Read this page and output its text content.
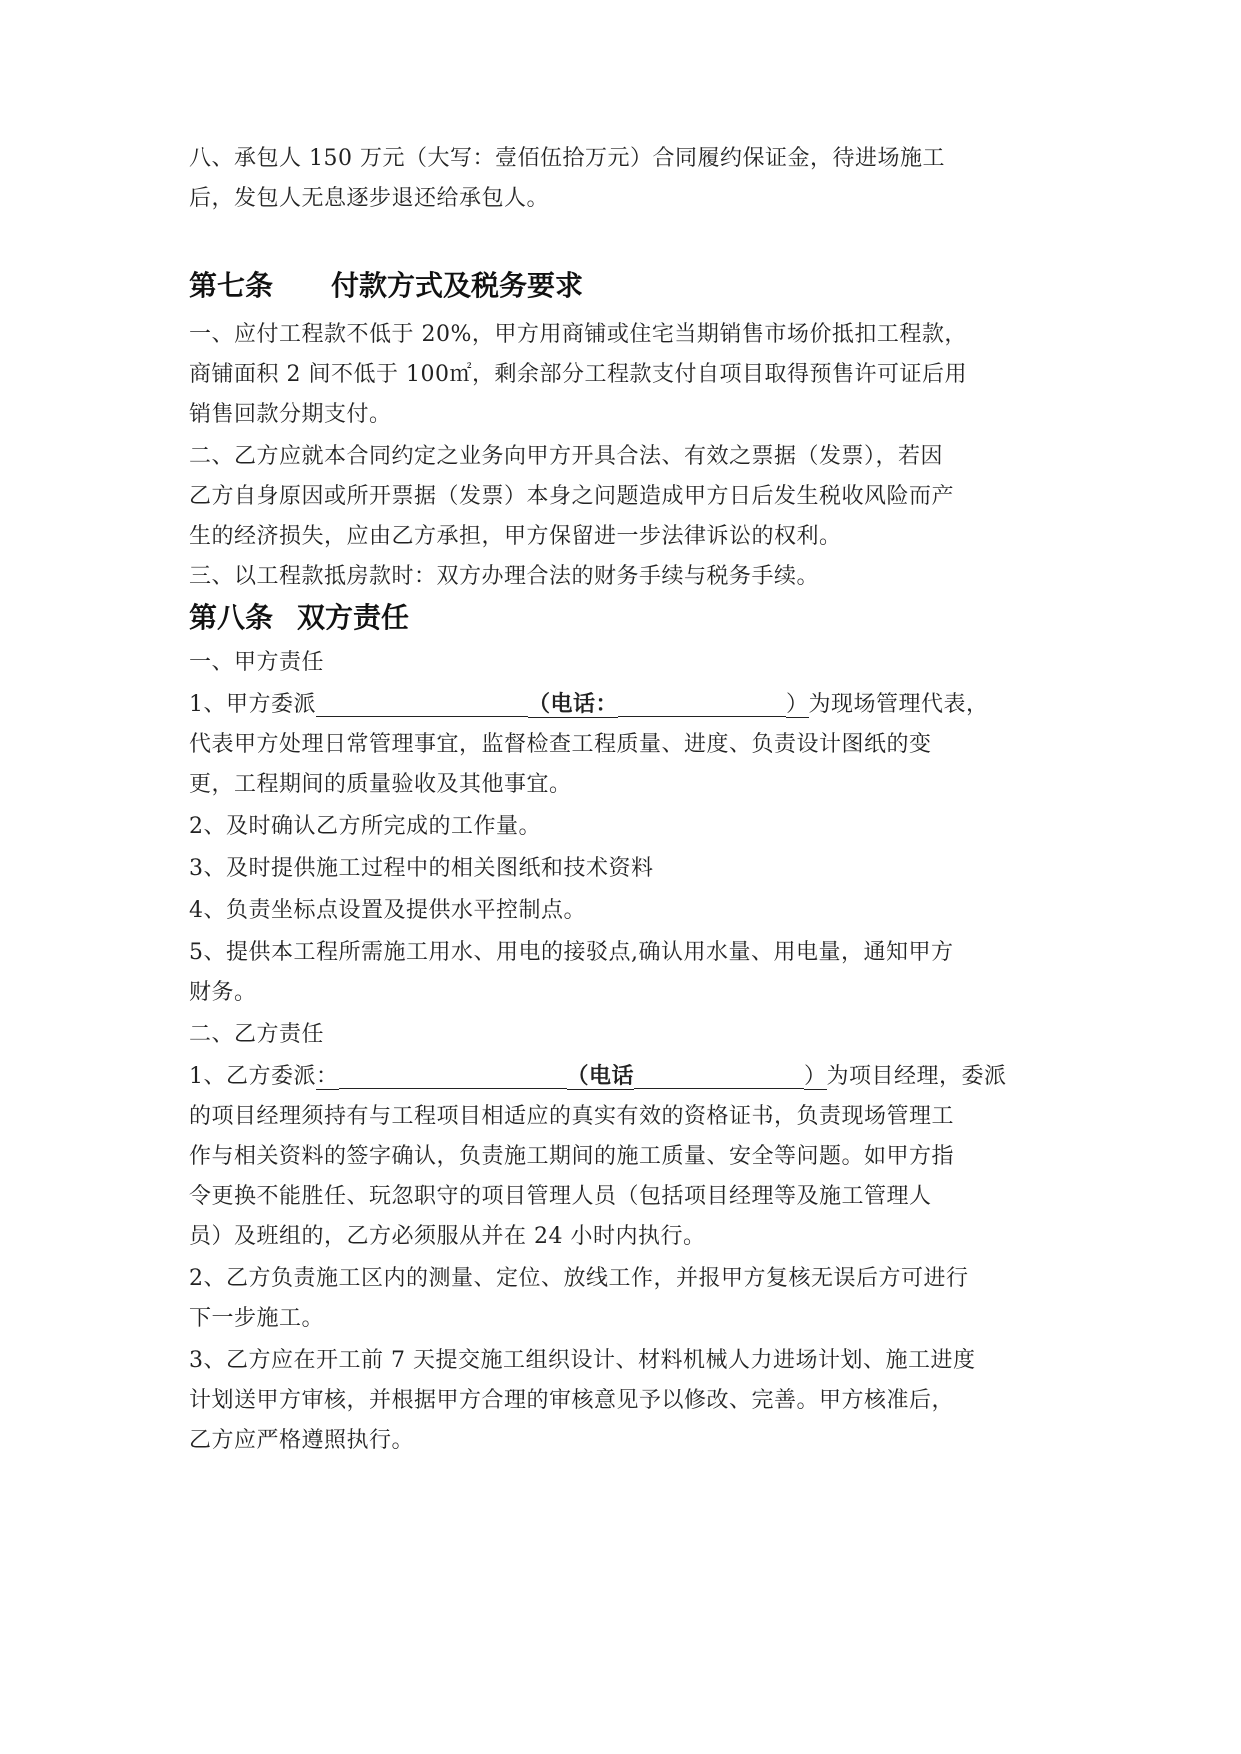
八、承包人 150 万元（大写：壹佰伍拾万元）合同履约保证金，待进场施工
后，发包人无息逐步退还给承包人。
第七条 付款方式及税务要求
一、应付工程款不低于 20%，甲方用商铺或住宅当期销售市场价抵扣工程款，
商铺面积 2 间不低于 100㎡，剩余部分工程款支付自项目取得预售许可证后用
销售回款分期支付。
二、乙方应就本合同约定之业务向甲方开具合法、有效之票据（发票），若因
乙方自身原因或所开票据（发票）本身之问题造成甲方日后发生税收风险而产
生的经济损失，应由乙方承担，甲方保留进一步法律诉讼的权利。
三、以工程款抵房款时：双方办理合法的财务手续与税务手续。
第八条 双方责任
一、甲方责任
1、甲方委派	（电话：	）为现场管理代表，
代表甲方处理日常管理事宜，监督检查工程质量、进度、负责设计图纸的变
更，工程期间的质量验收及其他事宜。
2、及时确认乙方所完成的工作量。
3、及时提供施工过程中的相关图纸和技术资料
4、负责坐标点设置及提供水平控制点。
5、提供本工程所需施工用水、用电的接驳点,确认用水量、用电量，通知甲方
财务。
二、乙方责任
1、乙方委派：	（电话	）为项目经理，委派
的项目经理须持有与工程项目相适应的真实有效的资格证书，负责现场管理工
作与相关资料的签字确认，负责施工期间的施工质量、安全等问题。如甲方指
令更换不能胜任、玩忽职守的项目管理人员（包括项目经理等及施工管理人
员）及班组的，乙方必须服从并在 24 小时内执行。
2、乙方负责施工区内的测量、定位、放线工作，并报甲方复核无误后方可进行
下一步施工。
3、乙方应在开工前 7 天提交施工组织设计、材料机械人力进场计划、施工进度
计划送甲方审核，并根据甲方合理的审核意见予以修改、完善。甲方核准后，
乙方应严格遵照执行。
